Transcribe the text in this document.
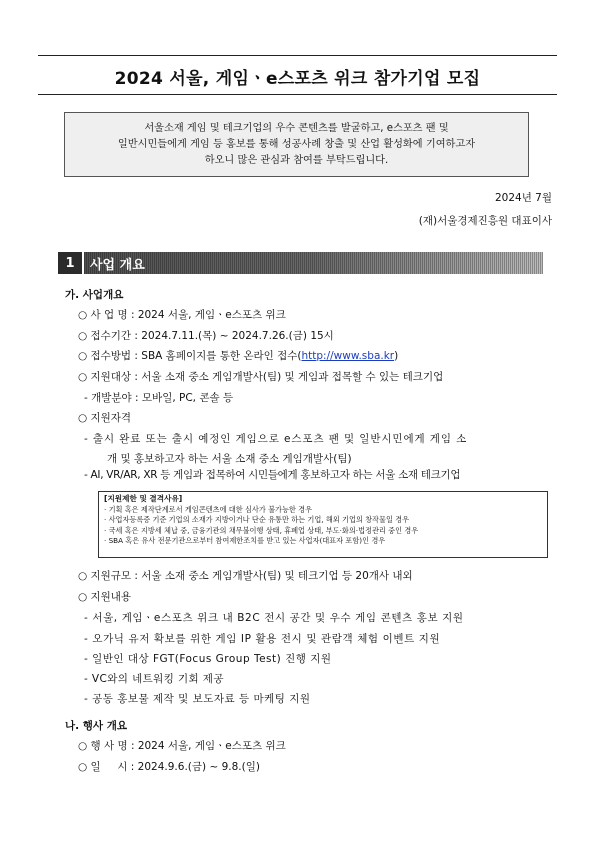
2024 서울, 게임ㆍe스포츠 위크 참가기업 모집
서울소재 게임 및 테크기업의 우수 콘텐츠를 발굴하고, e스포츠 팬 및
일반시민들에게 게임 등 홍보를 통해 성공사례 창출 및 산업 활성화에 기여하고자
하오니 많은 관심과 참여를 부탁드립니다.
2024년 7월
(재)서울경제진흥원 대표이사
1	사업 개요
가. 사업개요
○ 사 업 명 : 2024 서울, 게임ㆍe스포츠 위크
○ 접수기간 : 2024.7.11.(목) ~ 2024.7.26.(금) 15시
○ 접수방법 : SBA 홈페이지를 통한 온라인 접수(http://www.sba.kr)
○ 지원대상 : 서울 소재 중소 게임개발사(팀) 및 게임과 접목할 수 있는 테크기업
- 개발분야 : 모바일, PC, 콘솔 등
○ 지원자격
- 출시 완료 또는 출시 예정인 게임으로 e스포츠 팬 및 일반시민에게 게임 소
개 및 홍보하고자 하는 서울 소재 중소 게임개발사(팀)
- AI, VR/AR, XR 등 게임과 접목하여 시민들에게 홍보하고자 하는 서울 소재 테크기업
[지원제한 및 결격사유]
· 기획 혹은 제작단계로서 게임콘텐츠에 대한 심사가 불가능한 경우
· 사업자등록증 기준 기업의 소재가 지방이거나 단순 유통만 하는 기업, 해외 기업의 창작물일 경우
· 국세 혹은 지방세 체납 중, 금융기관의 채무불이행 상태, 휴폐업 상태, 부도·화의·법정관리 중인 경우
· SBA 혹은 유사 전문기관으로부터 참여제한조치를 받고 있는 사업자(대표자 포함)인 경우
○ 지원규모 : 서울 소재 중소 게임개발사(팀) 및 테크기업 등 20개사 내외
○ 지원내용
- 서울, 게임ㆍe스포츠 위크 내 B2C 전시 공간 및 우수 게임 콘텐츠 홍보 지원
- 오가닉 유저 확보를 위한 게임 IP 활용 전시 및 관람객 체험 이벤트 지원
- 일반인 대상 FGT(Focus Group Test) 진행 지원
- VC와의 네트워킹 기회 제공
- 공동 홍보물 제작 및 보도자료 등 마케팅 지원
나. 행사 개요
○ 행 사 명 : 2024 서울, 게임ㆍe스포츠 위크
○ 일     시 : 2024.9.6.(금) ~ 9.8.(일)
